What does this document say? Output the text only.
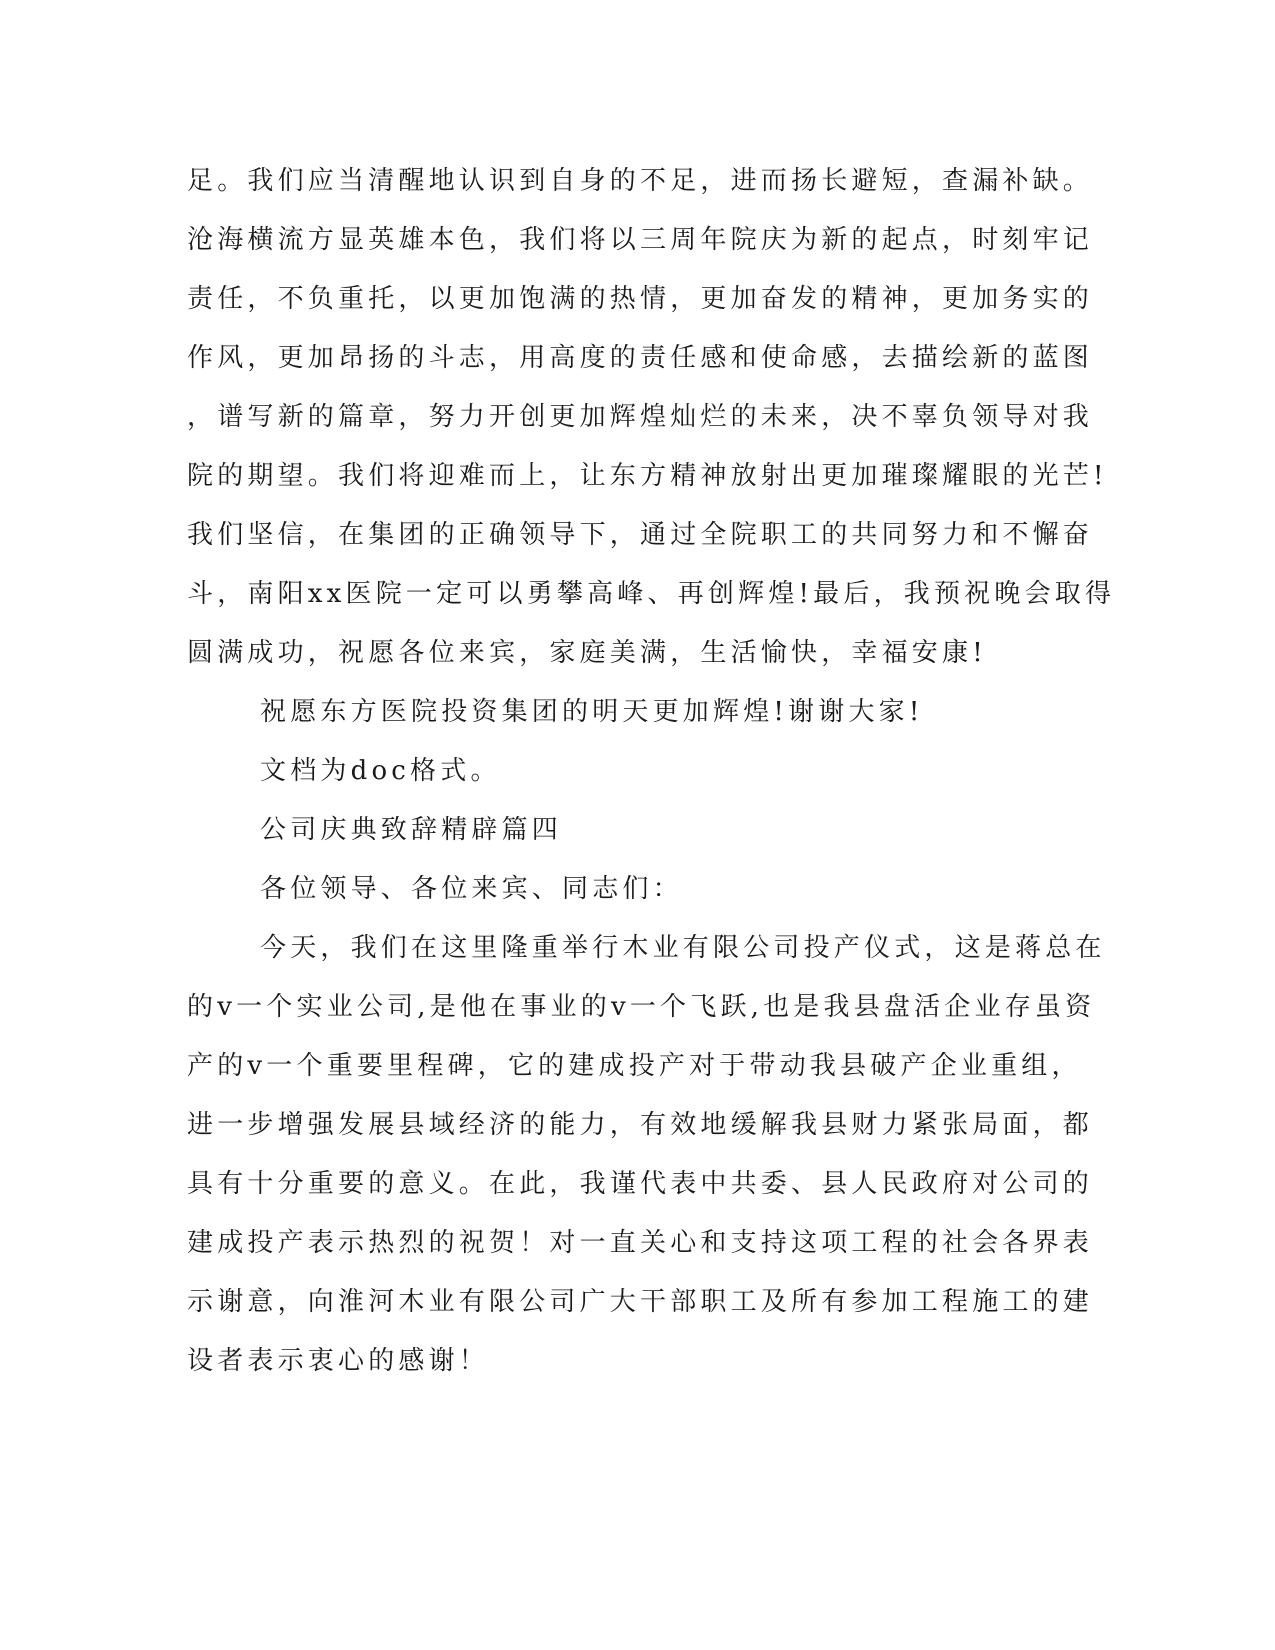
足。我们应当清醒地认识到自身的不足，进而扬长避短，查漏补缺。
沧海横流方显英雄本色，我们将以三周年院庆为新的起点，时刻牢记
责任，不负重托，以更加饱满的热情，更加奋发的精神，更加务实的
作风，更加昂扬的斗志，用高度的责任感和使命感，去描绘新的蓝图
，谱写新的篇章，努力开创更加辉煌灿烂的未来，决不辜负领导对我
院的期望。我们将迎难而上，让东方精神放射出更加璀璨耀眼的光芒!
我们坚信，在集团的正确领导下，通过全院职工的共同努力和不懈奋
斗，南阳xx医院一定可以勇攀高峰、再创辉煌!最后，我预祝晚会取得
圆满成功，祝愿各位来宾，家庭美满，生活愉快，幸福安康!
祝愿东方医院投资集团的明天更加辉煌!谢谢大家!
文档为doc格式。
公司庆典致辞精辟篇四
各位领导、各位来宾、同志们：
今天，我们在这里隆重举行木业有限公司投产仪式，这是蒋总在
的v一个实业公司,是他在事业的v一个飞跃,也是我县盘活企业存虽资
产的v一个重要里程碑，它的建成投产对于带动我县破产企业重组，
进一步增强发展县域经济的能力，有效地缓解我县财力紧张局面，都
具有十分重要的意义。在此，我谨代表中共委、县人民政府对公司的
建成投产表示热烈的祝贺！对一直关心和支持这项工程的社会各界表
示谢意，向淮河木业有限公司广大干部职工及所有参加工程施工的建
设者表示衷心的感谢！
